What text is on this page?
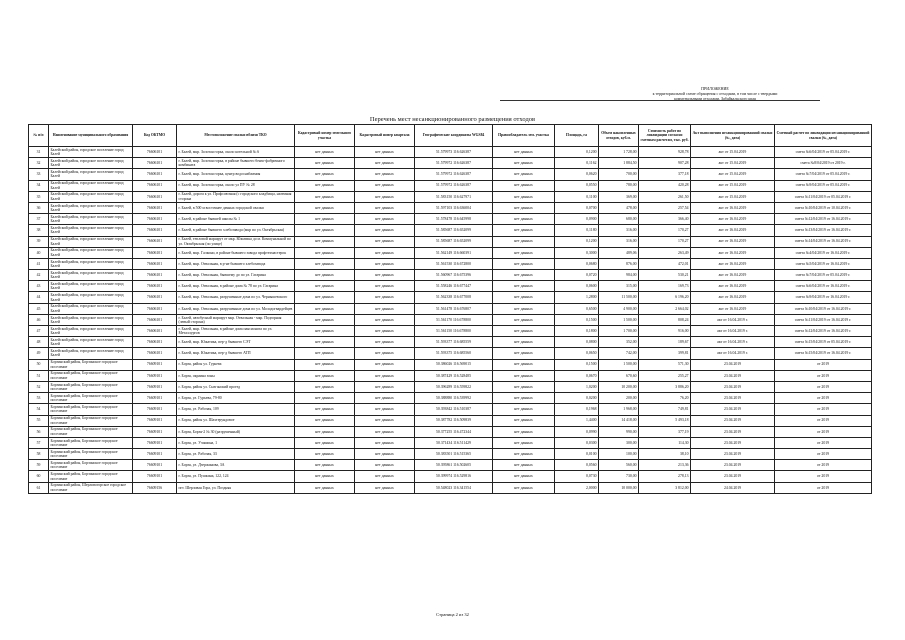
ПРИЛОЖЕНИЕ
к территориальной схеме обращения с отходами, в том числе с твердыми
коммунальными отходами, Забайкальского края
Перечень мест несанкционированного размещения отходов
№ п/п	Наименование муниципального образования	Код ОКТМО	Местоположение свалки вблизи ТКО	Кадастровый номер земельного участка	Кадастровый номер квартала	Географические координаты WGS84	Правообладатель зем. участка	Площадь, га	Объем накопленных отходов, куб.м.	Стоимость работ по ликвидации согласно сметным расчетам, тыс. руб.	Акт выполнения несанкционированной свалки (№, дата)	Сметный расчет по ликвидации несанкционированной свалки (№, дата)
31	Балейский район, городское поселение город Балей	76606101	г. Балей, мкр. Золотая горка, около котельной № 6	нет данных	нет данных	51.579973 116.626387	нет данных	0,1200	1 728,00	928,78	акт от 15.04.2019	смета №6/04/2019 от 05.04.2019 г.
32	Балейский район, городское поселение город Балей	76606101	г. Балей, мкр. Золотая горка, в районе бывшего бензо-фабричного комбината	нет данных	нет данных	51.579972 116.626387	нет данных	0,1162	1 884,50	907,28	акт от 15.04.2019	смета №8/04/2019 от 2019 г.
33	Балейский район, городское поселение город Балей	76606101	г. Балей, мкр. Золотая горка, центр водоснабжения	нет данных	нет данных	51.579972 116.626387	нет данных	0,0620	700,00	377,18	акт от 15.04.2019	смета №7/04/2019 от 05.04.2019 г.
34	Балейский район, городское поселение город Балей	76606101	г. Балей, мкр. Золотая горка, около ул ПУ № 28	нет данных	нет данных	51.579972 116.626387	нет данных	0,0550	780,00	420,28	акт от 15.04.2019	смета №9/04/2019 от 05.04.2019 г.
35	Балейский район, городское поселение город Балей	76606101	г. Балей, дорога к ул. Профсоюзная (с городского кладбища, наземная сторона	нет данных	нет данных	51.583150 116.627971	нет данных	0,1100	369,00	261,50	акт от 15.04.2019	смета №11/04/2019 от 05.04.2019 г.
36	Балейский район, городское поселение город Балей	76606101	г. Балей, в 500 м восточнее дачных городской свалки	нет данных	нет данных	51.597103 116.636004	нет данных	0,0700	478,00	257,54	акт от 16.04.2019	смета №10/04/2019 от 10.04.2019 г.
37	Балейский район, городское поселение город Балей	76606101	г. Балей, в районе бывшей школы № 1	нет данных	нет данных	51.578478 116.645998	нет данных	0,0900	680,00	366,40	акт от 16.04.2019	смета №12/04/2019 от 16.04.2019 г.
38	Балейский район, городское поселение город Балей	76606101	г. Балей, в районе бывшего хлебозавода (мкр по ул. Октябрьская)	нет данных	нет данных	51.585687 116.652099	нет данных	0,1180	316,00	170,27	акт от 16.04.2019	смета №13/04/2019 от 16.04.2019 г.
39	Балейский район, городское поселение город Балей	76606101	г. Балей, тепловой маршрут от мкр. Южатика до м. Коммунальной по ул. Октябрьская (по улице)	нет данных	нет данных	51.585687 116.652099	нет данных	0,1200	316,00	170,27	акт от 16.04.2019	смета №14/04/2019 от 16.04.2019 г.
40	Балейский район, городское поселение город Балей	76606101	г. Балей, мкр. Галкино, в районе бывшего завода профтехмастерок	нет данных	нет данных	51.562149 116.660391	нет данных	0,3000	489,06	263,49	акт от 16.04.2019	смета №4/04/2019 от 16.04.2019 г.
41	Балейский район, городское поселение город Балей	76606101	г. Балей, мкр. Отвальная, в р-не бывшего хлебозавода	нет данных	нет данных	51.561530 116.672800	нет данных	0,0680	876,00	472,01	акт от 16.04.2019	смета №5/04/2019 от 16.04.2019 г.
42	Балейский район, городское поселение город Балей	76606101	г. Балей, мкр. Отвальная, бывшему до по ул. Гагарина	нет данных	нет данных	51.560967 116.675396	нет данных	0,0720	984,00	530,21	акт от 16.04.2019	смета №7/04/2019 от 05.04.2019 г.
43	Балейский район, городское поселение город Балей	76606101	г. Балей, мкр. Отвальная, в районе дома № 78 по ул. Гагарина	нет данных	нет данных	51.558246 116.677447	нет данных	0,0600	315,00	169,73	акт от 16.04.2019	смета №6/04/2019 от 16.04.2019 г.
44	Балейский район, городское поселение город Балей	76606101	г. Балей, мкр. Отвальная, разрушенные дома по ул. Чернышевского	нет данных	нет данных	51.562338 116.677008	нет данных	1,2800	11 500,00	6 196,20	акт от 16.04.2019	смета №9/04/2019 от 16.04.2019 г.
45	Балейский район, городское поселение город Балей	76606101	г. Балей, мкр. Отвальная, разрушенные дома по ул. Молодогвардейцев	нет данных	нет данных	51.561478 116.676807	нет данных	0,6500	4 900,00	2 664,02	акт от 16.04.2019	смета №10/04/2019 от 16.04.2019 г.
46	Балейский район, городское поселение город Балей	76606101	г. Балей, автобусный маршрут мкр. Отвальная - мкр. Подгорная (левый сторона)	нет данных	нет данных	51.561170 116.678800	нет данных	0,1500	1 500,00	808,24	акт от 16.04.2019 г.	смета №11/04/2019 от 16.04.2019 г.
47	Балейский район, городское поселение город Балей	76606101	г. Балей, мкр. Отвальная, в районе дома пансионата по ул. Металлургов	нет данных	нет данных	51.561150 116.678800	нет данных	0,1800	1 700,00	916,00	акт от 16.04.2019 г.	смета №12/04/2019 от 16.04.2019 г.
48	Балейский район, городское поселение город Балей	76606101	г. Балей, мкр. Южатика, пер-д бывшего СЭТ	нет данных	нет данных	51.593377 116.685559	нет данных	0,0800	352,00	189,67	акт от 16.04.2019 г.	смета №15/04/2019 от 05.04.2019 г.
49	Балейский район, городское поселение город Балей	76606101	г. Балей, мкр. Южатика, пер-д бывшего АТП	нет данных	нет данных	51.593375 116.685560	нет данных	0,0650	742,00	399,81	акт от 16.04.2019 г.	смета №15/04/2019 от 16.04.2019 г.
50	Борзинский район, Борзинское городское поселение	76609101	г. Борзя, район ул. Гурьева	нет данных	нет данных	50.386026 116.569015	нет данных	0,1500	1 500,00	571,30	23.04.2019	от 2019
51	Борзинский район, Борзинское городское поселение	76609101	г. Борзя, окраина зоны	нет данных	нет данных	50.387429 116.528485	нет данных	0,0670	670,60	255,27	23.04.2019	от 2019
52	Борзинский район, Борзинское городское поселение	76609101	г. Борзя, район ул. Сызганский проезд	нет данных	нет данных	50.396289 116.559822	нет данных	1,0200	10 200,00	3 886,20	23.04.2019	от 2019
53	Борзинский район, Борзинское городское поселение	76609101	г. Борзя, ул. Гурьева, 79-80	нет данных	нет данных	50.388880 116.539992	нет данных	0,0200	200,00	76,20	23.04.2019	от 2019
54	Борзинский район, Борзинское городское поселение	76609101	г. Борзя, ул. Рабочая, 109	нет данных	нет данных	50.393842 116.510387	нет данных	0,1968	1 968,00	749,81	23.04.2019	от 2019
55	Борзинский район, Борзинское городское поселение	76609101	г. Борзя, район ул. Шахтерундовое	нет данных	нет данных	50.387782 116.509839	нет данных	1,4400	14 418,00	5 493,18	23.04.2019	от 2019
56	Борзинский район, Борзинское городское поселение	76609101	г. Борзя, Борзя-2 № 30 (разрушенный)	нет данных	нет данных	50.377255 116.472344	нет данных	0,0990	990,00	377,19	23.04.2019	от 2019
57	Борзинский район, Борзинское городское поселение	76609101	г. Борзя, ул. Учашина, 1	нет данных	нет данных	50.371434 116.511429	нет данных	0,0300	300,00	114,30	23.04.2019	от 2019
58	Борзинский район, Борзинское городское поселение	76609101	г. Борзя, ул. Рабочая, 33	нет данных	нет данных	50.383501 116.515365	нет данных	0,0100	100,00	38,10	23.04.2019	от 2019
59	Борзинский район, Борзинское городское поселение	76609101	г. Борзя, ул. Дзержинова, 3А	нет данных	нет данных	50.395861 116.502605	нет данных	0,0560	560,00	213,36	23.04.2019	от 2019
60	Борзинский район, Борзинское городское поселение	76609101	г. Борзя, ул. Пушкина, 122, 124	нет данных	нет данных	50.399974 116.529816	нет данных	0,0730	730,00	278,13	23.04.2019	от 2019
61	Борзинский район, Шерловогорское городское поселение	76609156	пгт. Шерловая Гора, ул. Поздняя	нет данных	нет данных	50.548023 116.341554	нет данных	2,0000	10 000,00	3 812,00	24.04.2019	от 2019
Страница 2 из 32
